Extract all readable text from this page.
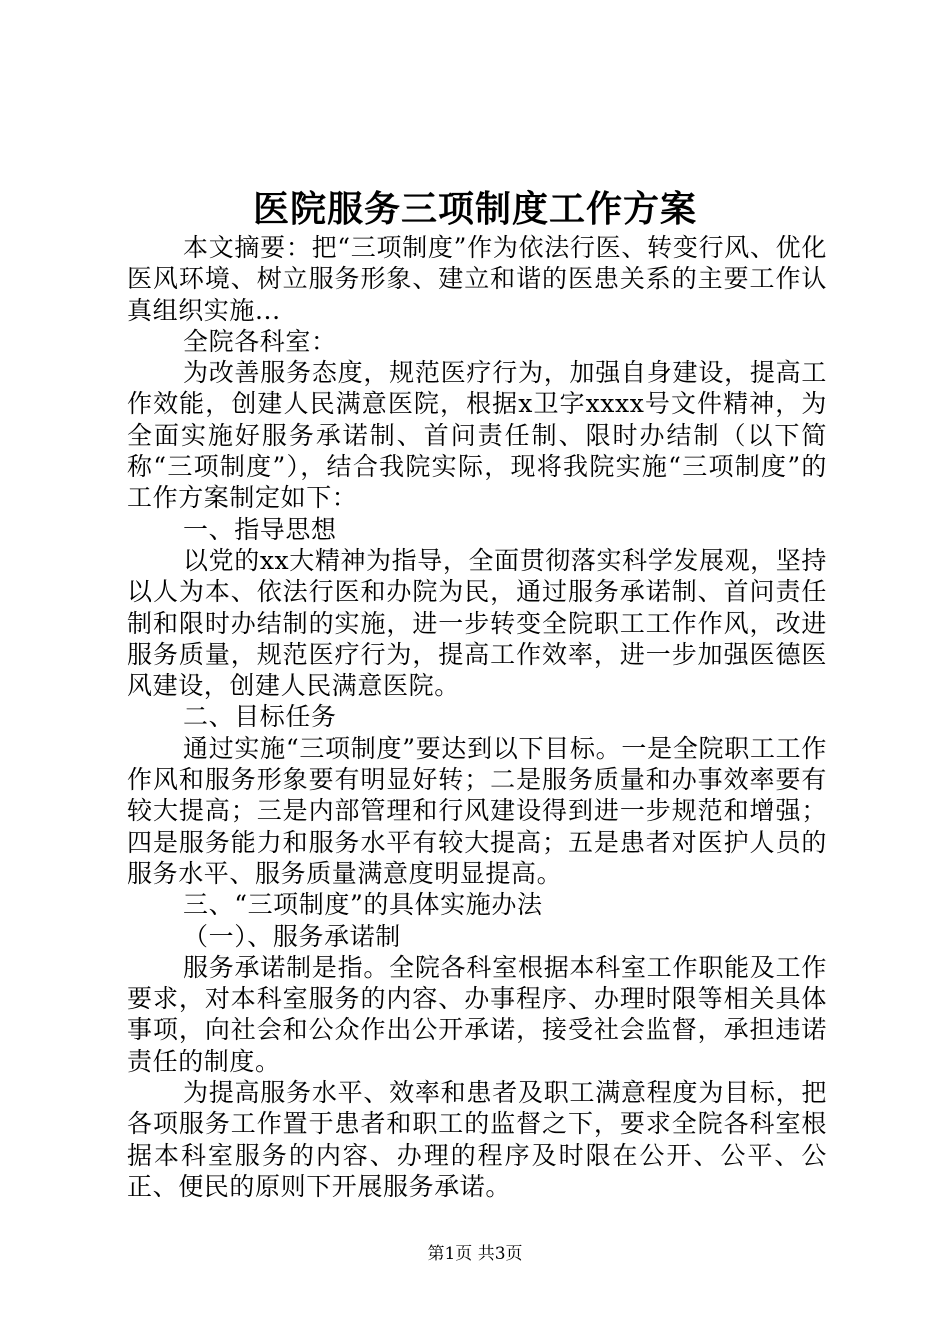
医院服务三项制度工作方案

本文摘要：把“三项制度”作为依法行医、转变行风、优化医风环境、树立服务形象、建立和谐的医患关系的主要工作认真组织实施...

全院各科室：

为改善服务态度，规范医疗行为，加强自身建设，提高工作效能，创建人民满意医院，根据x卫字xxxx号文件精神，为全面实施好服务承诺制、首问责任制、限时办结制（以下简称“三项制度”），结合我院实际，现将我院实施“三项制度”的工作方案制定如下：

一、指导思想

以党的xx大精神为指导，全面贯彻落实科学发展观，坚持以人为本、依法行医和办院为民，通过服务承诺制、首问责任制和限时办结制的实施，进一步转变全院职工工作作风，改进服务质量，规范医疗行为，提高工作效率，进一步加强医德医风建设，创建人民满意医院。

二、目标任务

通过实施“三项制度”要达到以下目标。一是全院职工工作作风和服务形象要有明显好转；二是服务质量和办事效率要有较大提高；三是内部管理和行风建设得到进一步规范和增强；四是服务能力和服务水平有较大提高；五是患者对医护人员的服务水平、服务质量满意度明显提高。

三、“三项制度”的具体实施办法

（一）、服务承诺制

服务承诺制是指。全院各科室根据本科室工作职能及工作要求，对本科室服务的内容、办事程序、办理时限等相关具体事项，向社会和公众作出公开承诺，接受社会监督，承担违诺责任的制度。

为提高服务水平、效率和患者及职工满意程度为目标，把各项服务工作置于患者和职工的监督之下，要求全院各科室根据本科室服务的内容、办理的程序及时限在公开、公平、公正、便民的原则下开展服务承诺。

第1页 共3页
